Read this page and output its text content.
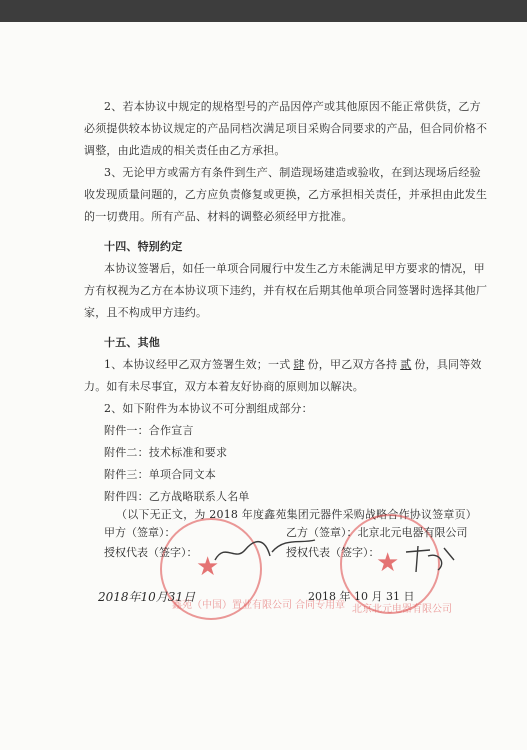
2、若本协议中规定的规格型号的产品因停产或其他原因不能正常供货，乙方
必须提供较本协议规定的产品同档次满足项目采购合同要求的产品，但合同价格不
调整，由此造成的相关责任由乙方承担。
3、无论甲方或需方有条件到生产、制造现场建造或验收，在到达现场后经验
收发现质量问题的，乙方应负责修复或更换，乙方承担相关责任，并承担由此发生
的一切费用。所有产品、材料的调整必须经甲方批准。
十四、特别约定
本协议签署后，如任一单项合同履行中发生乙方未能满足甲方要求的情况，甲
方有权视为乙方在本协议项下违约，并有权在后期其他单项合同签署时选择其他厂
家，且不构成甲方违约。
十五、其他
1、本协议经甲乙双方签署生效；一式 肆 份，甲乙双方各持 贰 份，具同等效
力。如有未尽事宜，双方本着友好协商的原则加以解决。
2、如下附件为本协议不可分割组成部分：
附件一：合作宣言
附件二：技术标准和要求
附件三：单项合同文本
附件四：乙方战略联系人名单
（以下无正文，为 2018 年度鑫苑集团元器件采购战略合作协议签章页）
★
鑫苑（中国）置业有限公司 合同专用章
★
北京北元电器有限公司
甲方（签章）：
授权代表（签字）：
2018年10月31日
乙方（签章）：北京北元电器有限公司
授权代表（签字）：
2018 年 10 月 31 日
